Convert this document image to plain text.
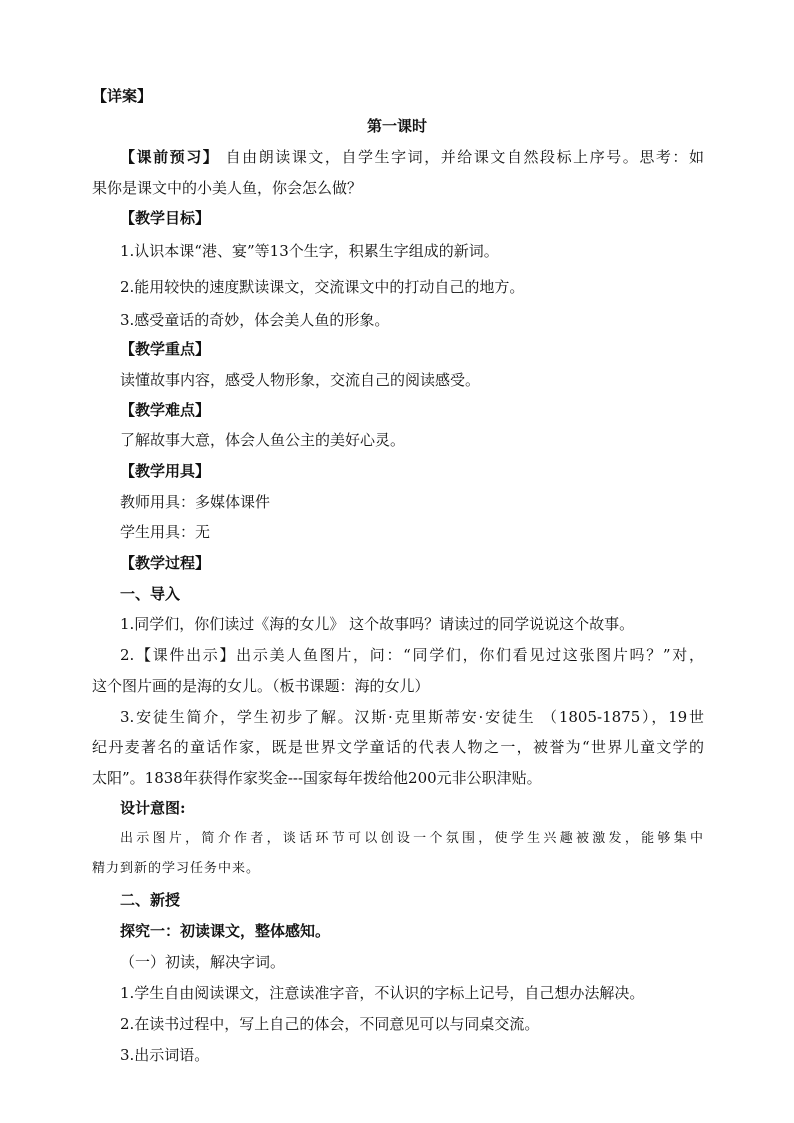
【详案】
第一课时
【课前预习】 自由朗读课文，自学生字词，并给课文自然段标上序号。思考：如
果你是课文中的小美人鱼，你会怎么做？
【教学目标】
1.认识本课“港、宴”等13个生字，积累生字组成的新词。
2.能用较快的速度默读课文，交流课文中的打动自己的地方。
3.感受童话的奇妙，体会美人鱼的形象。
【教学重点】
读懂故事内容，感受人物形象，交流自己的阅读感受。
【教学难点】
了解故事大意，体会人鱼公主的美好心灵。
【教学用具】
教师用具：多媒体课件
学生用具：无
【教学过程】
一、导入
1.同学们，你们读过《海的女儿》 这个故事吗？请读过的同学说说这个故事。
2.【课件出示】出示美人鱼图片，问：“同学们，你们看见过这张图片吗？”对，
这个图片画的是海的女儿。（板书课题：海的女儿）
3.安徒生简介，学生初步了解。汉斯·克里斯蒂安·安徒生 （1805-1875），19世
纪丹麦著名的童话作家，既是世界文学童话的代表人物之一，被誉为“世界儿童文学的
太阳”。1838年获得作家奖金---国家每年拨给他200元非公职津贴。
设计意图:
出示图片，简介作者，谈话环节可以创设一个氛围，使学生兴趣被激发，能够集中
精力到新的学习任务中来。
二、新授
探究一：初读课文，整体感知。
（一）初读，解决字词。
1.学生自由阅读课文，注意读准字音，不认识的字标上记号，自己想办法解决。
2.在读书过程中，写上自己的体会，不同意见可以与同桌交流。
3.出示词语。
